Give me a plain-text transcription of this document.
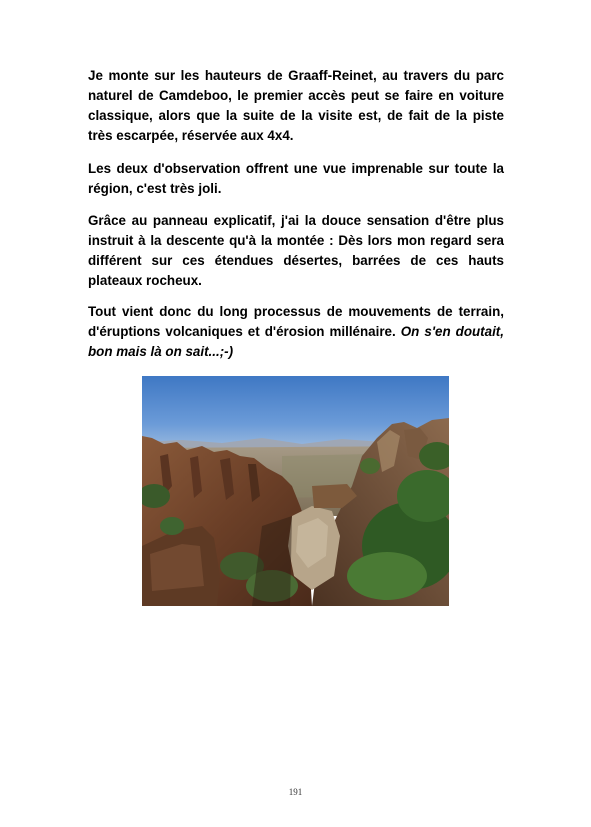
Je monte sur les hauteurs de Graaff-Reinet, au travers du parc naturel de Camdeboo, le premier accès peut se faire en voiture classique, alors que la suite de la visite est, de fait de la piste très escarpée, réservée aux 4x4.

Les deux d'observation offrent une vue imprenable sur toute la région, c'est très joli.

Grâce au panneau explicatif, j'ai la douce sensation d'être plus instruit à la descente qu'à la montée : Dès lors mon regard sera différent sur ces étendues désertes, barrées de ces hauts plateaux rocheux.

Tout vient donc du long processus de mouvements de terrain, d'éruptions volcaniques et d'érosion millénaire. On s'en doutait, bon mais là on sait...;-)

191
